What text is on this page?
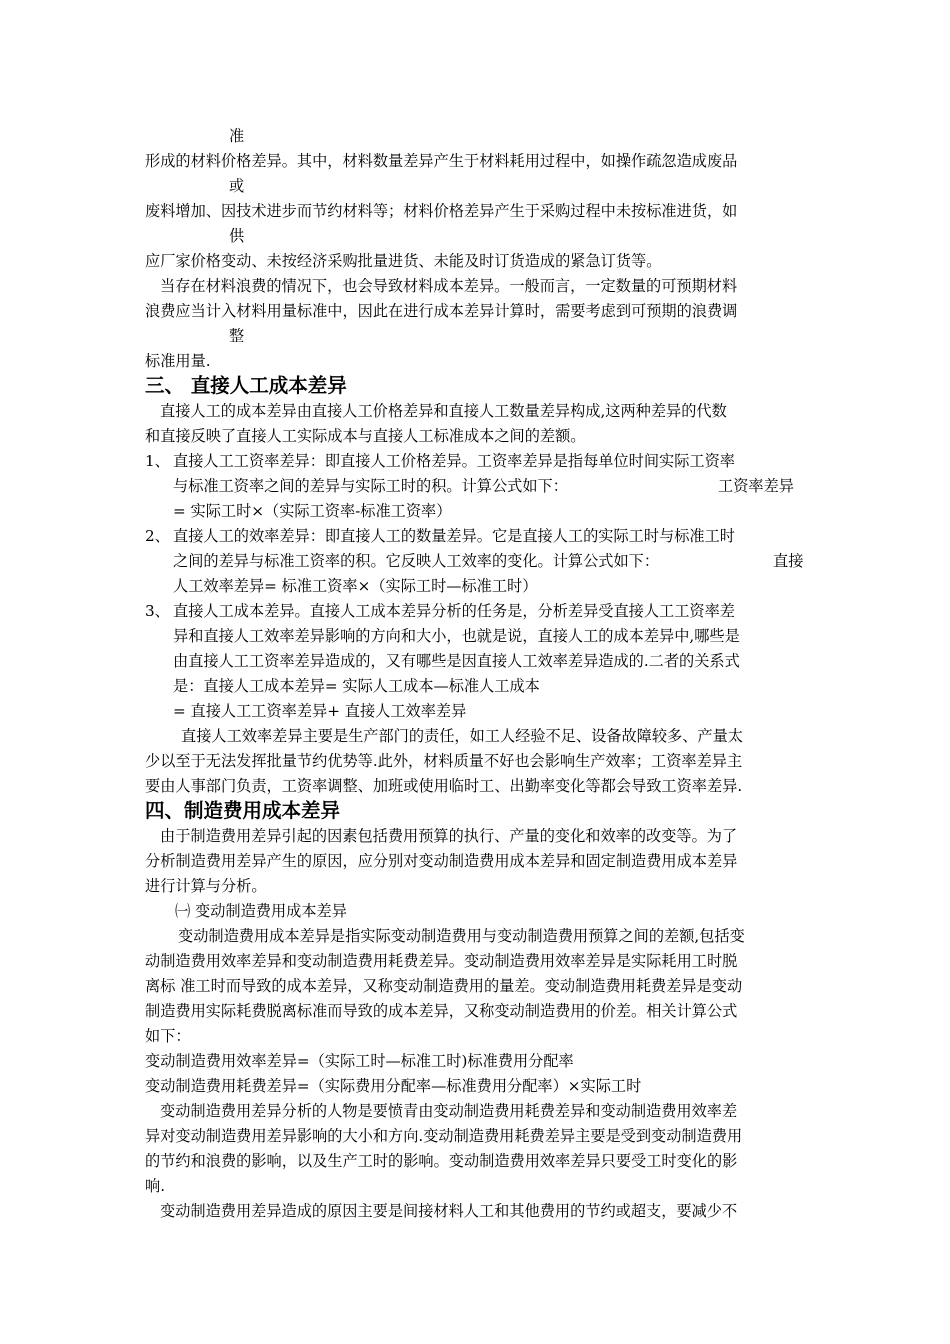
准
形成的材料价格差异。其中，材料数量差异产生于材料耗用过程中，如操作疏忽造成废品
或
废料增加、因技术进步而节约材料等；材料价格差异产生于采购过程中未按标准进货，如
供
应厂家价格变动、未按经济采购批量进货、未能及时订货造成的紧急订货等。
当存在材料浪费的情况下，也会导致材料成本差异。一般而言，一定数量的可预期材料
浪费应当计入材料用量标准中，因此在进行成本差异计算时，需要考虑到可预期的浪费调
整
标准用量.
三、 直接人工成本差异
直接人工的成本差异由直接人工价格差异和直接人工数量差异构成,这两种差异的代数
和直接反映了直接人工实际成本与直接人工标准成本之间的差额。
1、 直接人工工资率差异：即直接人工价格差异。工资率差异是指每单位时间实际工资率
与标准工资率之间的差异与实际工时的积。计算公式如下：	工资率差异
= 实际工时×（实际工资率-标准工资率）
2、 直接人工的效率差异：即直接人工的数量差异。它是直接人工的实际工时与标准工时
之间的差异与标准工资率的积。它反映人工效率的变化。计算公式如下：	直接
人工效率差异= 标准工资率×（实际工时—标准工时）
3、 直接人工成本差异。直接人工成本差异分析的任务是，分析差异受直接人工工资率差
异和直接人工效率差异影响的方向和大小，也就是说，直接人工的成本差异中,哪些是
由直接人工工资率差异造成的，又有哪些是因直接人工效率差异造成的.二者的关系式
是：直接人工成本差异= 实际人工成本—标准人工成本
= 直接人工工资率差异+ 直接人工效率差异
直接人工效率差异主要是生产部门的责任，如工人经验不足、设备故障较多、产量太
少以至于无法发挥批量节约优势等.此外，材料质量不好也会影响生产效率；工资率差异主
要由人事部门负责，工资率调整、加班或使用临时工、出勤率变化等都会导致工资率差异.
四、制造费用成本差异
由于制造费用差异引起的因素包括费用预算的执行、产量的变化和效率的改变等。为了
分析制造费用差异产生的原因，应分别对变动制造费用成本差异和固定制造费用成本差异
进行计算与分析。
㈠ 变动制造费用成本差异
变动制造费用成本差异是指实际变动制造费用与变动制造费用预算之间的差额,包括变
动制造费用效率差异和变动制造费用耗费差异。变动制造费用效率差异是实际耗用工时脱
离标 准工时而导致的成本差异，又称变动制造费用的量差。变动制造费用耗费差异是变动
制造费用实际耗费脱离标准而导致的成本差异，又称变动制造费用的价差。相关计算公式
如下：
变动制造费用效率差异=（实际工时—标准工时)标准费用分配率
变动制造费用耗费差异=（实际费用分配率—标准费用分配率）×实际工时
变动制造费用差异分析的人物是要愤青由变动制造费用耗费差异和变动制造费用效率差
异对变动制造费用差异影响的大小和方向.变动制造费用耗费差异主要是受到变动制造费用
的节约和浪费的影响，以及生产工时的影响。变动制造费用效率差异只要受工时变化的影
响.
变动制造费用差异造成的原因主要是间接材料人工和其他费用的节约或超支，要减少不
